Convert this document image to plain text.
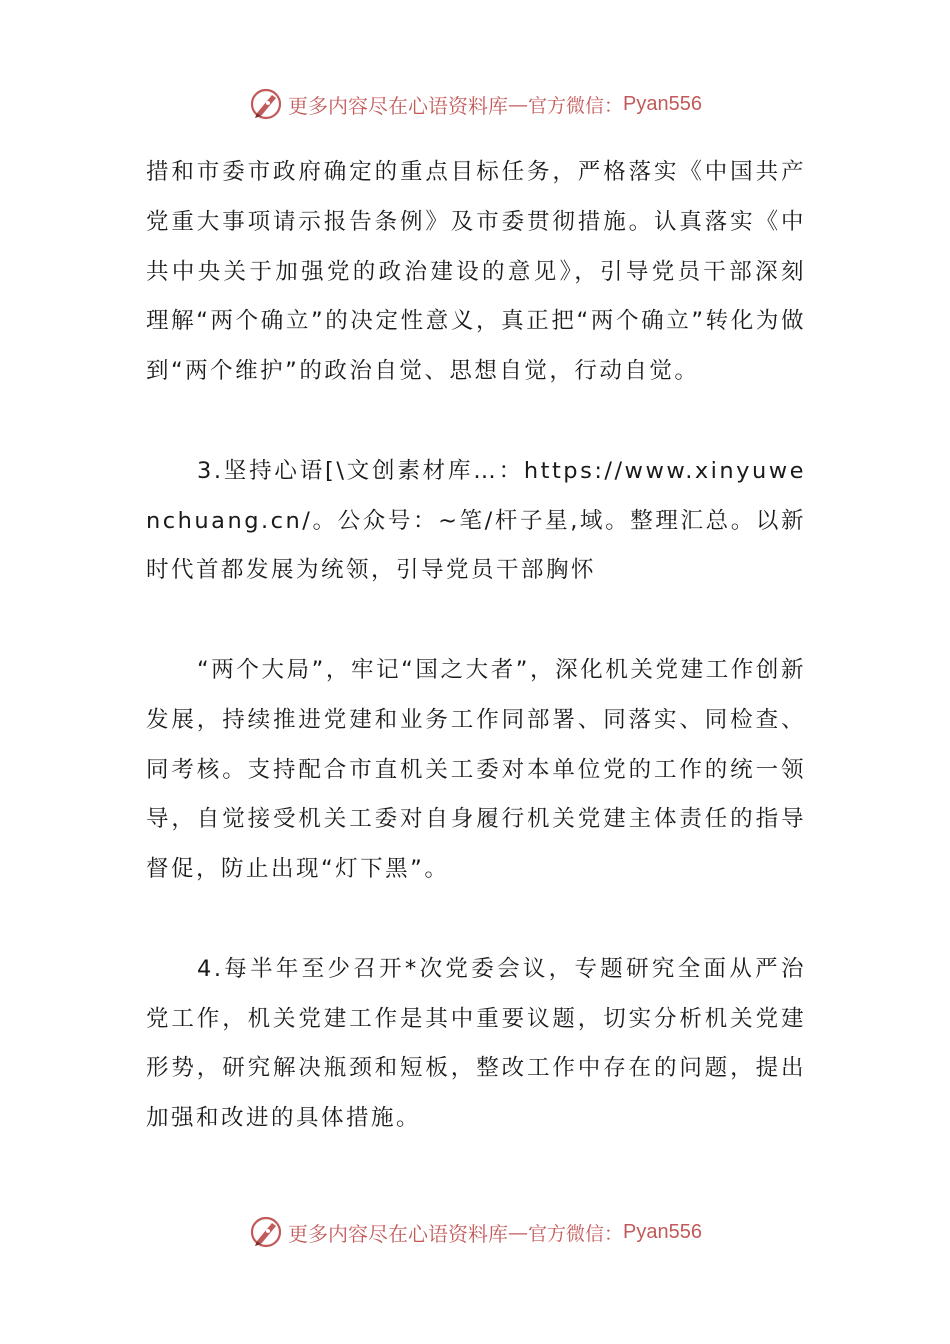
更多内容尽在心语资料库 — 官方微信： Pyan556

措和市委市政府确定的重点目标任务，严格落实《中国共产党重大事项请示报告条例》及市委贯彻措施。认真落实《中共中央关于加强党的政治建设的意见》，引导党员干部深刻理解“两个确立”的决定性意义，真正把“两个确立”转化为做到“两个维护”的政治自觉、思想自觉，行动自觉。

3.坚持心语[\文创素材库…：https://www.xinyuwenchuang.cn/。公众号：~笔/杆子星,域。整理汇总。以新时代首都发展为统领，引导党员干部胸怀

“两个大局”，牢记“国之大者”，深化机关党建工作创新发展，持续推进党建和业务工作同部署、同落实、同检查、同考核。支持配合市直机关工委对本单位党的工作的统一领导，自觉接受机关工委对自身履行机关党建主体责任的指导督促，防止出现“灯下黑”。

4.每半年至少召开*次党委会议，专题研究全面从严治党工作，机关党建工作是其中重要议题，切实分析机关党建形势，研究解决瓶颈和短板，整改工作中存在的问题，提出加强和改进的具体措施。

更多内容尽在心语资料库 — 官方微信： Pyan556
